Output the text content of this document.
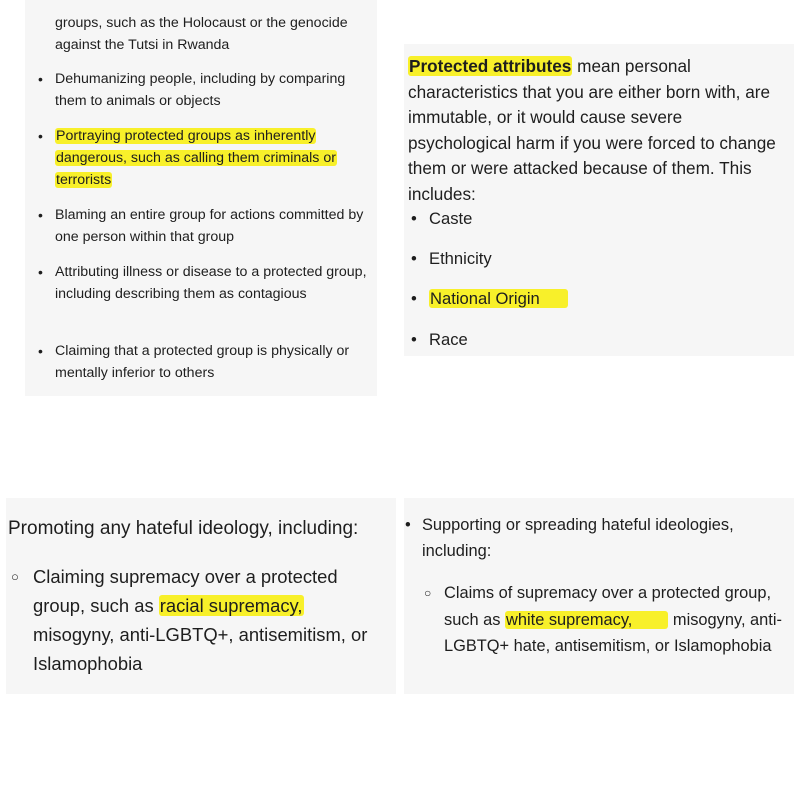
groups, such as the Holocaust or the genocide against the Tutsi in Rwanda
• Dehumanizing people, including by comparing them to animals or objects
• Portraying protected groups as inherently dangerous, such as calling them criminals or terrorists
• Blaming an entire group for actions committed by one person within that group
• Attributing illness or disease to a protected group, including describing them as contagious
• Claiming that a protected group is physically or mentally inferior to others
Protected attributes mean personal characteristics that you are either born with, are immutable, or it would cause severe psychological harm if you were forced to change them or were attacked because of them. This includes:
• Caste
• Ethnicity
• National Origin
• Race
Promoting any hateful ideology, including:
○ Claiming supremacy over a protected group, such as racial supremacy, misogyny, anti-LGBTQ+, antisemitism, or Islamophobia
• Supporting or spreading hateful ideologies, including:
○ Claims of supremacy over a protected group, such as white supremacy, misogyny, anti-LGBTQ+ hate, antisemitism, or Islamophobia
